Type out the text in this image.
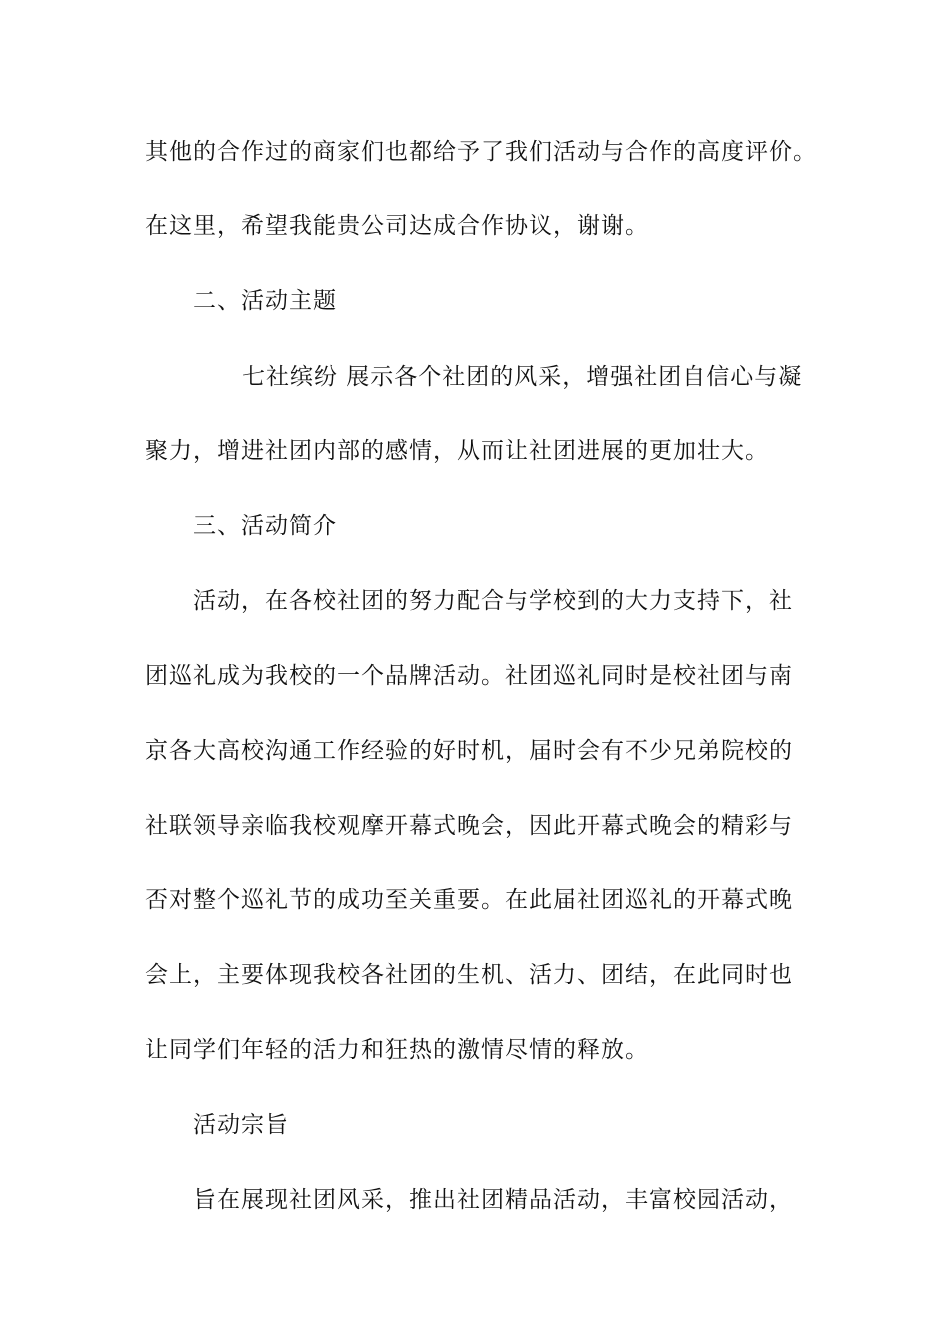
其他的合作过的商家们也都给予了我们活动与合作的高度评价。
在这里，希望我能贵公司达成合作协议，谢谢。
二、活动主题
七社缤纷 展示各个社团的风采，增强社团自信心与凝
聚力，增进社团内部的感情，从而让社团进展的更加壮大。
三、活动简介
活动，在各校社团的努力配合与学校到的大力支持下，社
团巡礼成为我校的一个品牌活动。社团巡礼同时是校社团与南
京各大高校沟通工作经验的好时机，届时会有不少兄弟院校的
社联领导亲临我校观摩开幕式晚会，因此开幕式晚会的精彩与
否对整个巡礼节的成功至关重要。在此届社团巡礼的开幕式晚
会上，主要体现我校各社团的生机、活力、团结，在此同时也
让同学们年轻的活力和狂热的激情尽情的释放。
活动宗旨
旨在展现社团风采，推出社团精品活动，丰富校园活动，
